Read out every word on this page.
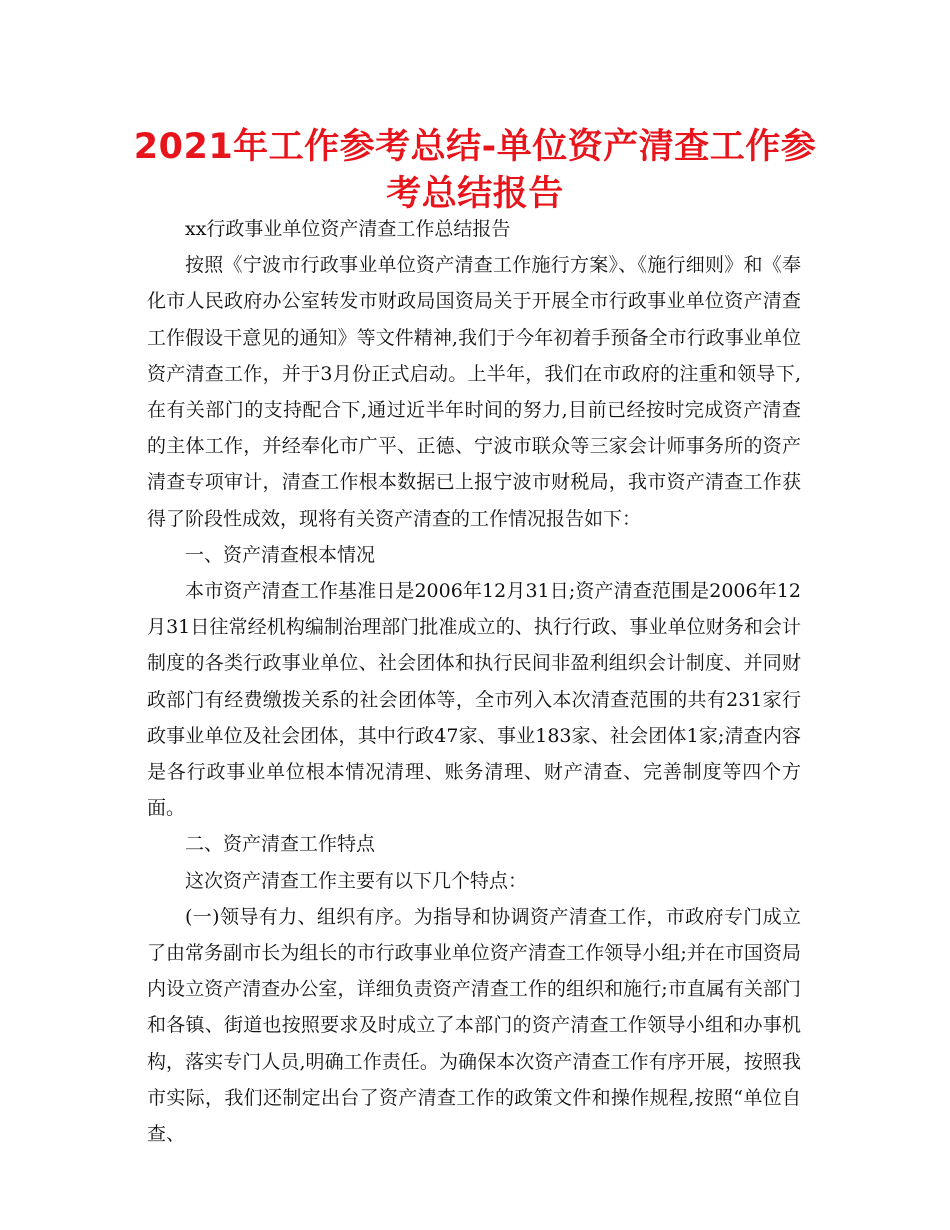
2021年工作参考总结-单位资产清查工作参考总结报告

xx行政事业单位资产清查工作总结报告

按照《宁波市行政事业单位资产清查工作施行方案》、《施行细则》和《奉化市人民政府办公室转发市财政局国资局关于开展全市行政事业单位资产清查工作假设干意见的通知》等文件精神,我们于今年初着手预备全市行政事业单位资产清查工作，并于3月份正式启动。上半年，我们在市政府的注重和领导下,在有关部门的支持配合下,通过近半年时间的努力,目前已经按时完成资产清查的主体工作，并经奉化市广平、正德、宁波市联众等三家会计师事务所的资产清查专项审计，清查工作根本数据已上报宁波市财税局，我市资产清查工作获得了阶段性成效，现将有关资产清查的工作情况报告如下：

一、资产清查根本情况

本市资产清查工作基准日是2006年12月31日;资产清查范围是2006年12月31日往常经机构编制治理部门批准成立的、执行行政、事业单位财务和会计制度的各类行政事业单位、社会团体和执行民间非盈利组织会计制度、并同财政部门有经费缴拨关系的社会团体等，全市列入本次清查范围的共有231家行政事业单位及社会团体，其中行政47家、事业183家、社会团体1家;清查内容是各行政事业单位根本情况清理、账务清理、财产清查、完善制度等四个方面。

二、资产清查工作特点

这次资产清查工作主要有以下几个特点：

(一)领导有力、组织有序。为指导和协调资产清查工作，市政府专门成立了由常务副市长为组长的市行政事业单位资产清查工作领导小组;并在市国资局内设立资产清查办公室，详细负责资产清查工作的组织和施行;市直属有关部门和各镇、街道也按照要求及时成立了本部门的资产清查工作领导小组和办事机构，落实专门人员,明确工作责任。为确保本次资产清查工作有序开展，按照我市实际，我们还制定出台了资产清查工作的政策文件和操作规程,按照“单位自查、
